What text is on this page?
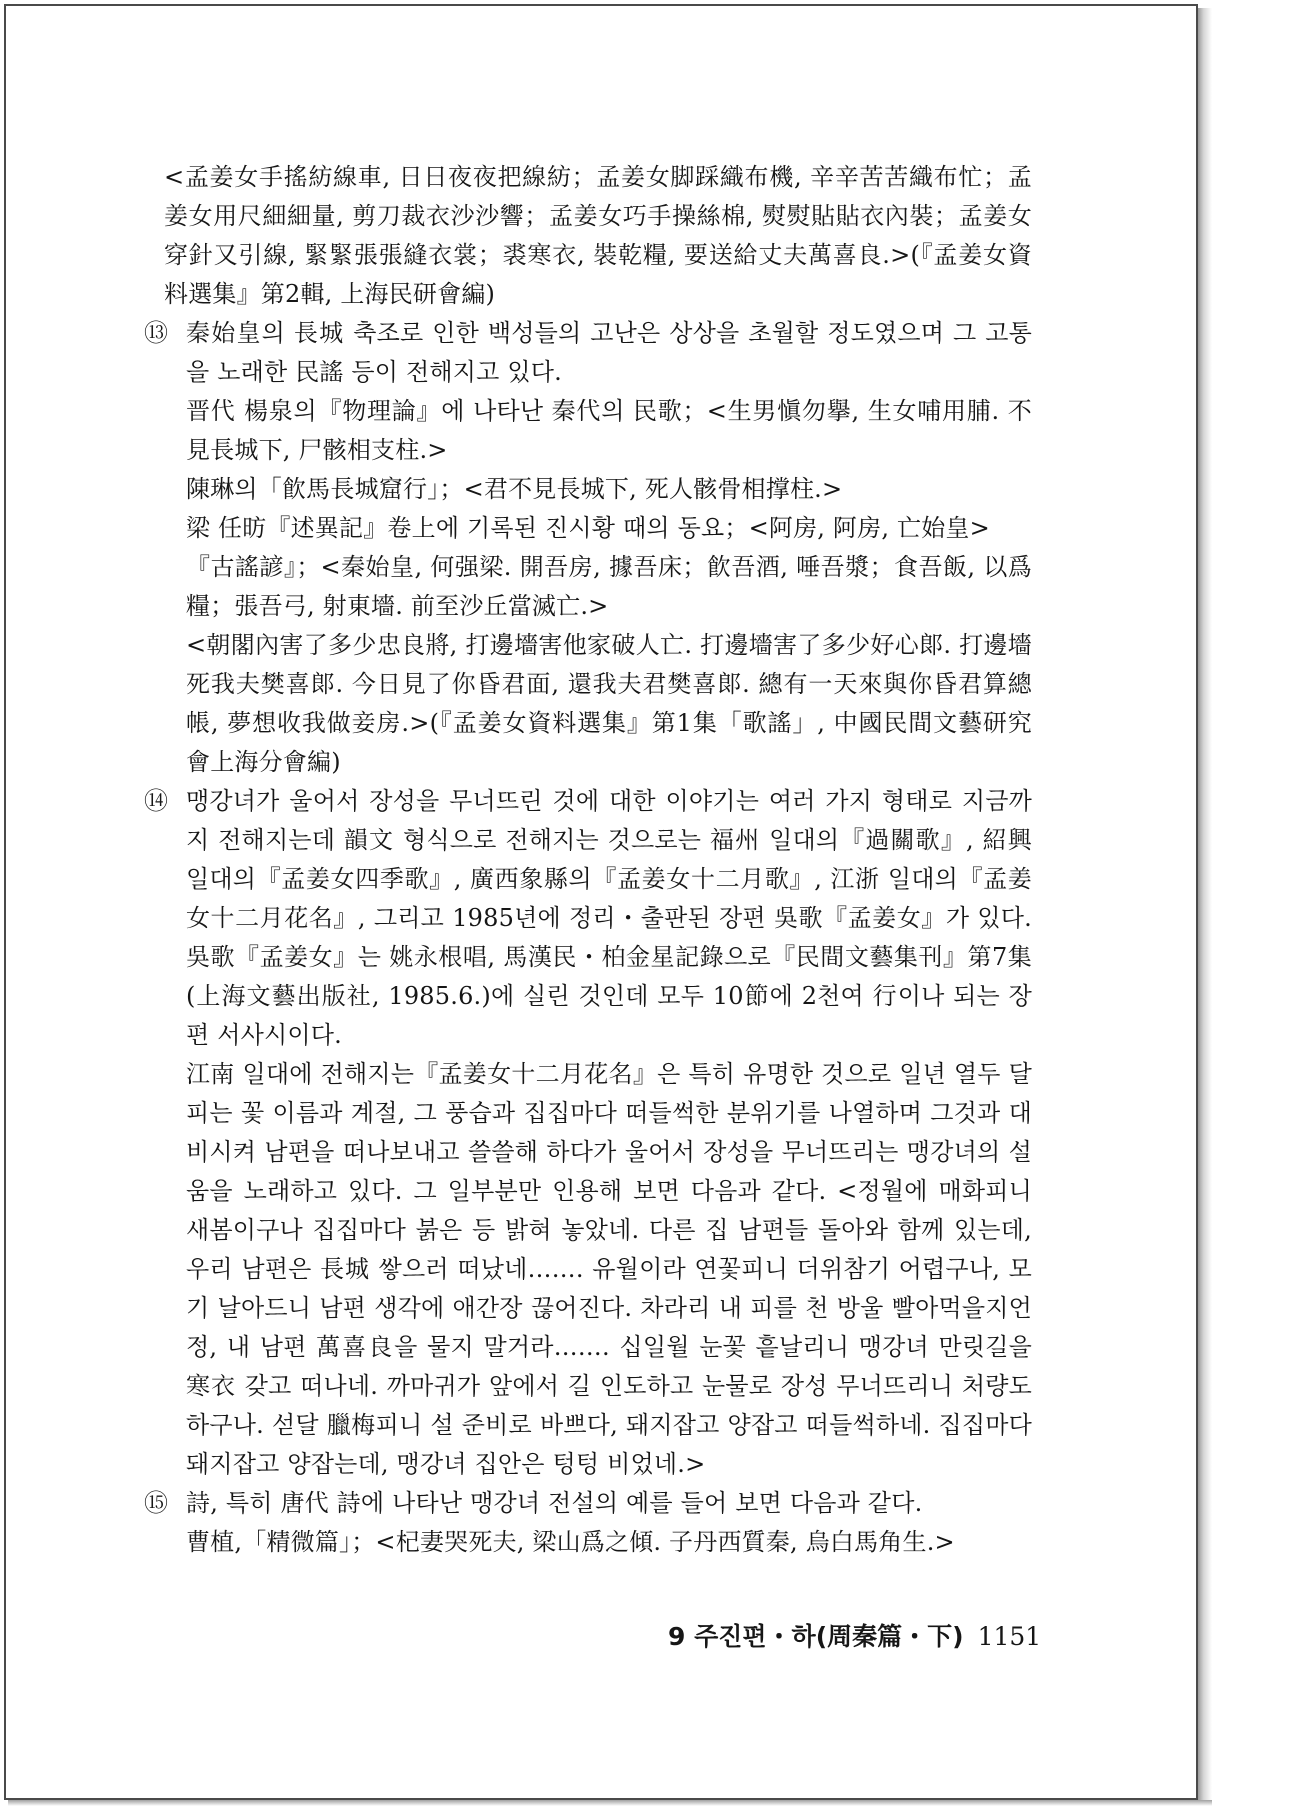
<孟姜女手搖紡線車, 日日夜夜把線紡；孟姜女脚踩織布機, 辛辛苦苦織布忙；孟姜女用尺細細量, 剪刀裁衣沙沙響；孟姜女巧手操絲棉, 熨熨貼貼衣內裝；孟姜女穿針又引線, 緊緊張張縫衣裳；裘寒衣, 裝乾糧, 要送給丈夫萬喜良.>(『孟姜女資料選集』第2輯, 上海民研會編)

⑬ 秦始皇의 長城 축조로 인한 백성들의 고난은 상상을 초월할 정도였으며 그 고통을 노래한 民謠 등이 전해지고 있다.

晋代 楊泉의『物理論』에 나타난 秦代의 民歌；<生男愼勿擧, 生女哺用脯. 不見長城下, 尸骸相支柱.>

陳琳의「飮馬長城窟行」；<君不見長城下, 死人骸骨相撑柱.>

梁 任昉『述異記』卷上에 기록된 진시황 때의 동요；<阿房, 阿房, 亡始皇>

『古謠諺』；<秦始皇, 何强梁. 開吾房, 據吾床；飮吾酒, 唾吾漿；食吾飯, 以爲糧；張吾弓, 射東墻. 前至沙丘當滅亡.>

<朝閣內害了多少忠良將, 打邊墻害他家破人亡. 打邊墻害了多少好心郞. 打邊墻死我夫樊喜郞. 今日見了你昏君面, 還我夫君樊喜郞. 總有一天來與你昏君算總帳, 夢想收我做妾房.>(『孟姜女資料選集』第1集「歌謠」, 中國民間文藝研究會上海分會編)

⑭ 맹강녀가 울어서 장성을 무너뜨린 것에 대한 이야기는 여러 가지 형태로 지금까지 전해지는데 韻文 형식으로 전해지는 것으로는 福州 일대의『過關歌』, 紹興 일대의『孟姜女四季歌』, 廣西象縣의『孟姜女十二月歌』, 江浙 일대의『孟姜女十二月花名』, 그리고 1985년에 정리・출판된 장편 吳歌『孟姜女』가 있다. 吳歌『孟姜女』는 姚永根唱, 馬漢民・柏金星記錄으로『民間文藝集刊』第7集(上海文藝出版社, 1985.6.)에 실린 것인데 모두 10節에 2천여 行이나 되는 장편 서사시이다.

江南 일대에 전해지는『孟姜女十二月花名』은 특히 유명한 것으로 일년 열두 달 피는 꽃 이름과 계절, 그 풍습과 집집마다 떠들썩한 분위기를 나열하며 그것과 대비시켜 남편을 떠나보내고 쓸쓸해 하다가 울어서 장성을 무너뜨리는 맹강녀의 설움을 노래하고 있다. 그 일부분만 인용해 보면 다음과 같다. <정월에 매화피니 새봄이구나 집집마다 붉은 등 밝혀 놓았네. 다른 집 남편들 돌아와 함께 있는데, 우리 남편은 長城 쌓으러 떠났네……. 유월이라 연꽃피니 더위참기 어렵구나, 모기 날아드니 남편 생각에 애간장 끊어진다. 차라리 내 피를 천 방울 빨아먹을지언정, 내 남편 萬喜良을 물지 말거라……. 십일월 눈꽃 흩날리니 맹강녀 만릿길을 寒衣 갖고 떠나네. 까마귀가 앞에서 길 인도하고 눈물로 장성 무너뜨리니 처량도 하구나. 섣달 臘梅피니 설 준비로 바쁘다, 돼지잡고 양잡고 떠들썩하네. 집집마다 돼지잡고 양잡는데, 맹강녀 집안은 텅텅 비었네.>

⑮ 詩, 특히 唐代 詩에 나타난 맹강녀 전설의 예를 들어 보면 다음과 같다.

曹植,「精微篇」；<杞妻哭死夫, 梁山爲之傾. 子丹西質秦, 烏白馬角生.>

9 주진편・하(周秦篇・下) 1151
